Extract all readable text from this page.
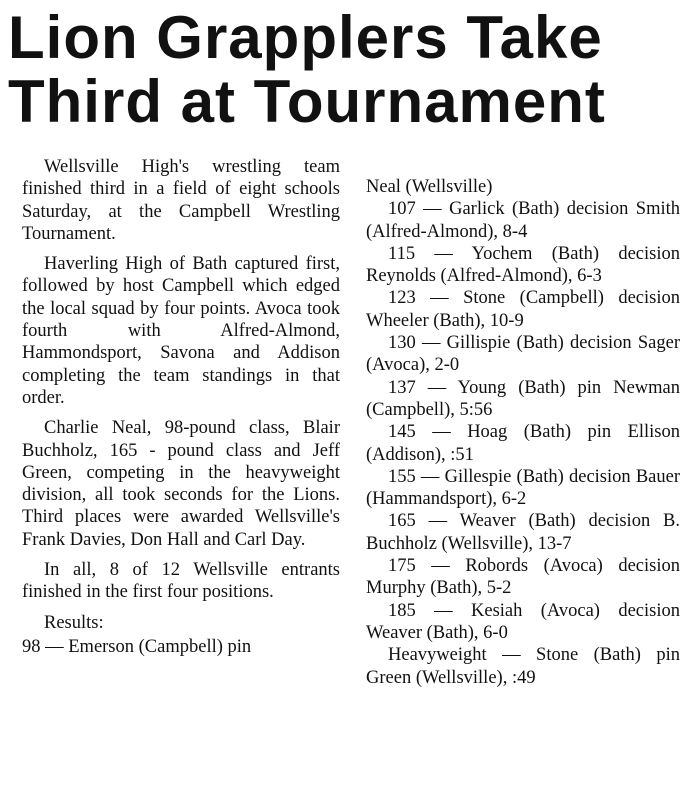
Lion Grapplers Take
Third at Tournament

Wellsville High's wrestling team finished third in a field of eight schools Saturday, at the Campbell Wrestling Tournament.

Haverling High of Bath captured first, followed by host Campbell which edged the local squad by four points. Avoca took fourth with Alfred-Almond, Hammondsport, Savona and Addison completing the team standings in that order.

Charlie Neal, 98-pound class, Blair Buchholz, 165 - pound class and Jeff Green, competing in the heavyweight division, all took seconds for the Lions. Third places were awarded Wellsville's Frank Davies, Don Hall and Carl Day.

In all, 8 of 12 Wellsville entrants finished in the first four positions.

Results:

98 — Emerson (Campbell) pin

Neal (Wellsville)

107 — Garlick (Bath) decision Smith (Alfred-Almond), 8-4

115 — Yochem (Bath) decision Reynolds (Alfred-Almond), 6-3

123 — Stone (Campbell) decision Wheeler (Bath), 10-9

130 — Gillispie (Bath) decision Sager (Avoca), 2-0

137 — Young (Bath) pin Newman (Campbell), 5:56

145 — Hoag (Bath) pin Ellison (Addison), :51

155 — Gillespie (Bath) decision Bauer (Hammandsport), 6-2

165 — Weaver (Bath) decision B. Buchholz (Wellsville), 13-7

175 — Robords (Avoca) decision Murphy (Bath), 5-2

185 — Kesiah (Avoca) decision Weaver (Bath), 6-0

Heavyweight — Stone (Bath) pin Green (Wellsville), :49
